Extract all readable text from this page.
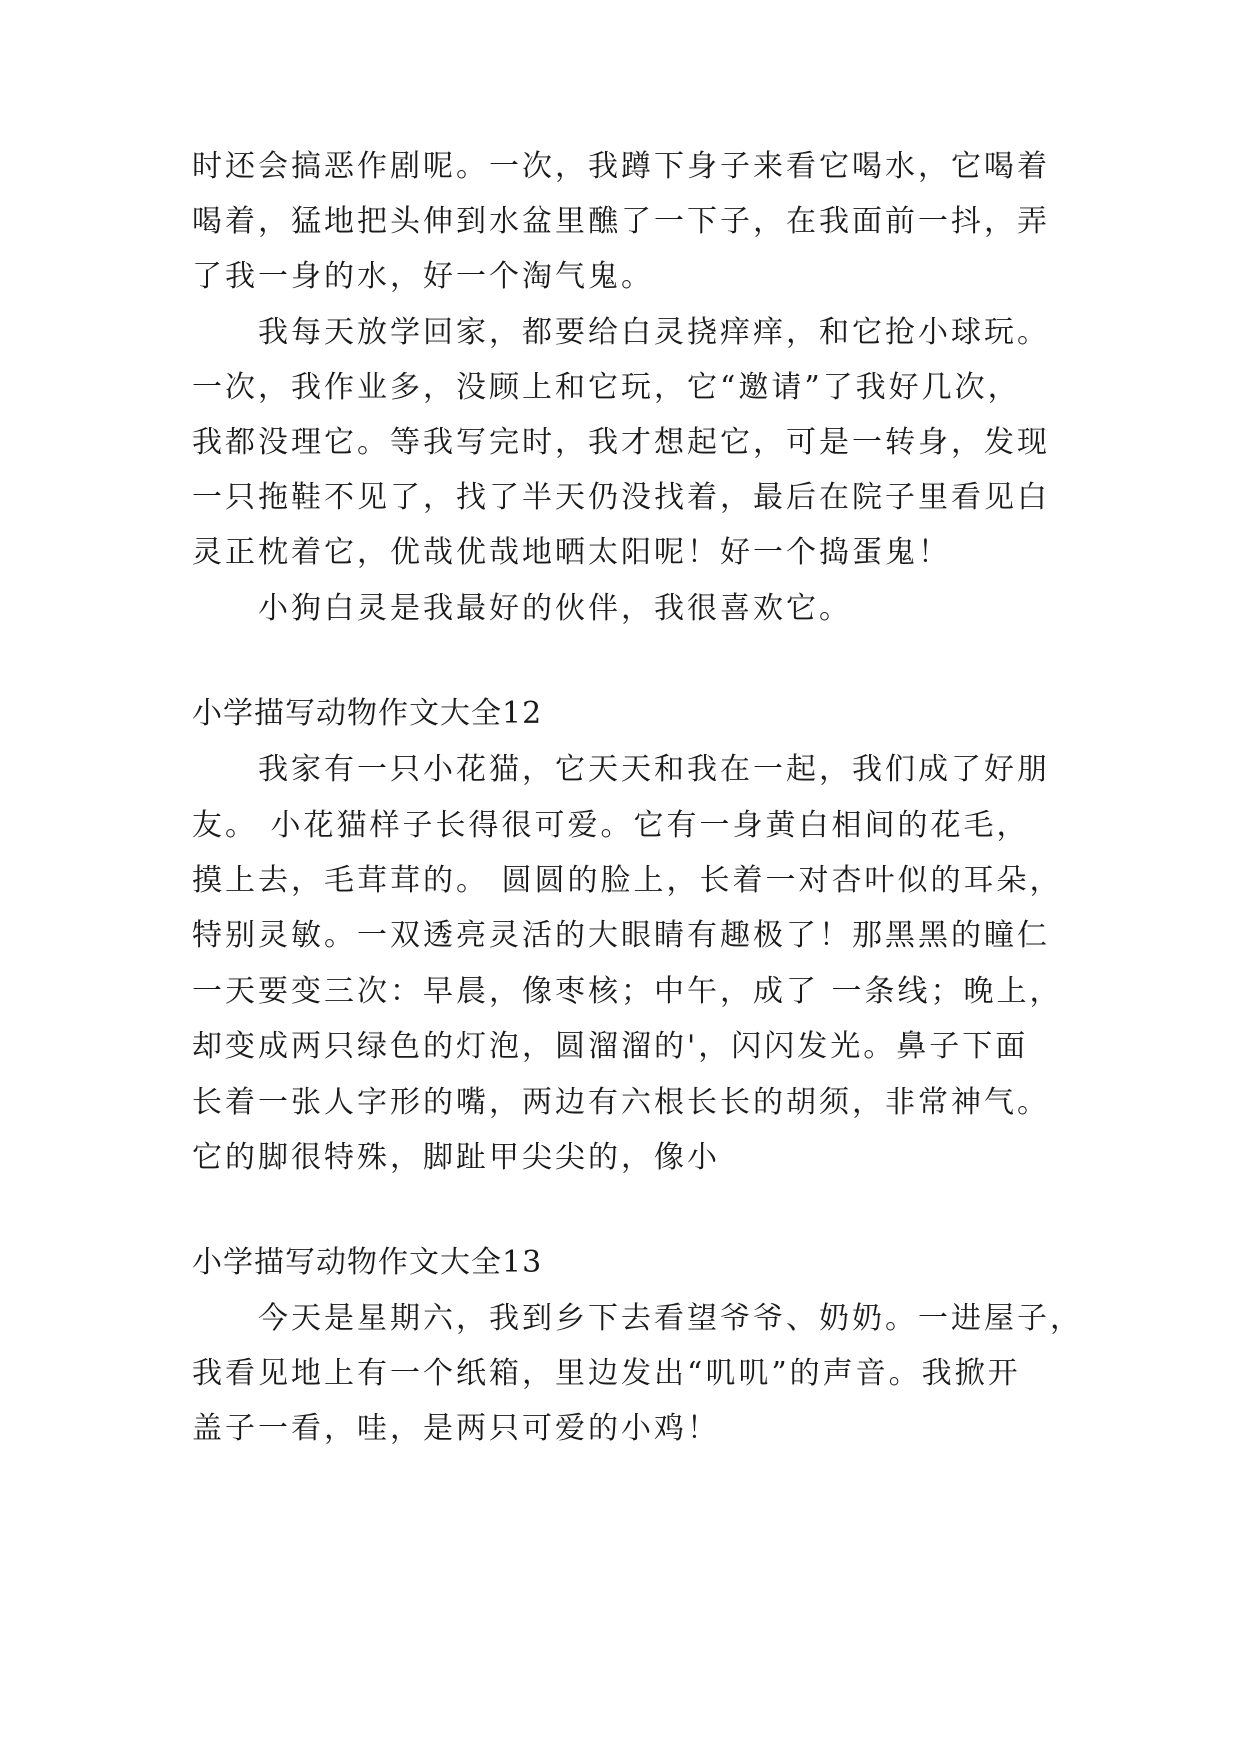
时还会搞恶作剧呢。一次，我蹲下身子来看它喝水，它喝着
喝着，猛地把头伸到水盆里醮了一下子，在我面前一抖，弄
了我一身的水，好一个淘气鬼。
　　我每天放学回家，都要给白灵挠痒痒，和它抢小球玩。
一次，我作业多，没顾上和它玩，它“邀请”了我好几次，
我都没理它。等我写完时，我才想起它，可是一转身，发现
一只拖鞋不见了，找了半天仍没找着，最后在院子里看见白
灵正枕着它，优哉优哉地晒太阳呢！好一个捣蛋鬼！
　　小狗白灵是我最好的伙伴，我很喜欢它。
小学描写动物作文大全12
　　我家有一只小花猫，它天天和我在一起，我们成了好朋
友。 小花猫样子长得很可爱。它有一身黄白相间的花毛，
摸上去，毛茸茸的。 圆圆的脸上，长着一对杏叶似的耳朵，
特别灵敏。一双透亮灵活的大眼睛有趣极了！那黑黑的瞳仁
一天要变三次：早晨，像枣核；中午，成了 一条线；晚上，
却变成两只绿色的灯泡，圆溜溜的'，闪闪发光。鼻子下面
长着一张人字形的嘴，两边有六根长长的胡须，非常神气。
它的脚很特殊，脚趾甲尖尖的，像小
小学描写动物作文大全13
　　今天是星期六，我到乡下去看望爷爷、奶奶。一进屋子，
我看见地上有一个纸箱，里边发出“叽叽”的声音。我掀开
盖子一看，哇，是两只可爱的小鸡！
